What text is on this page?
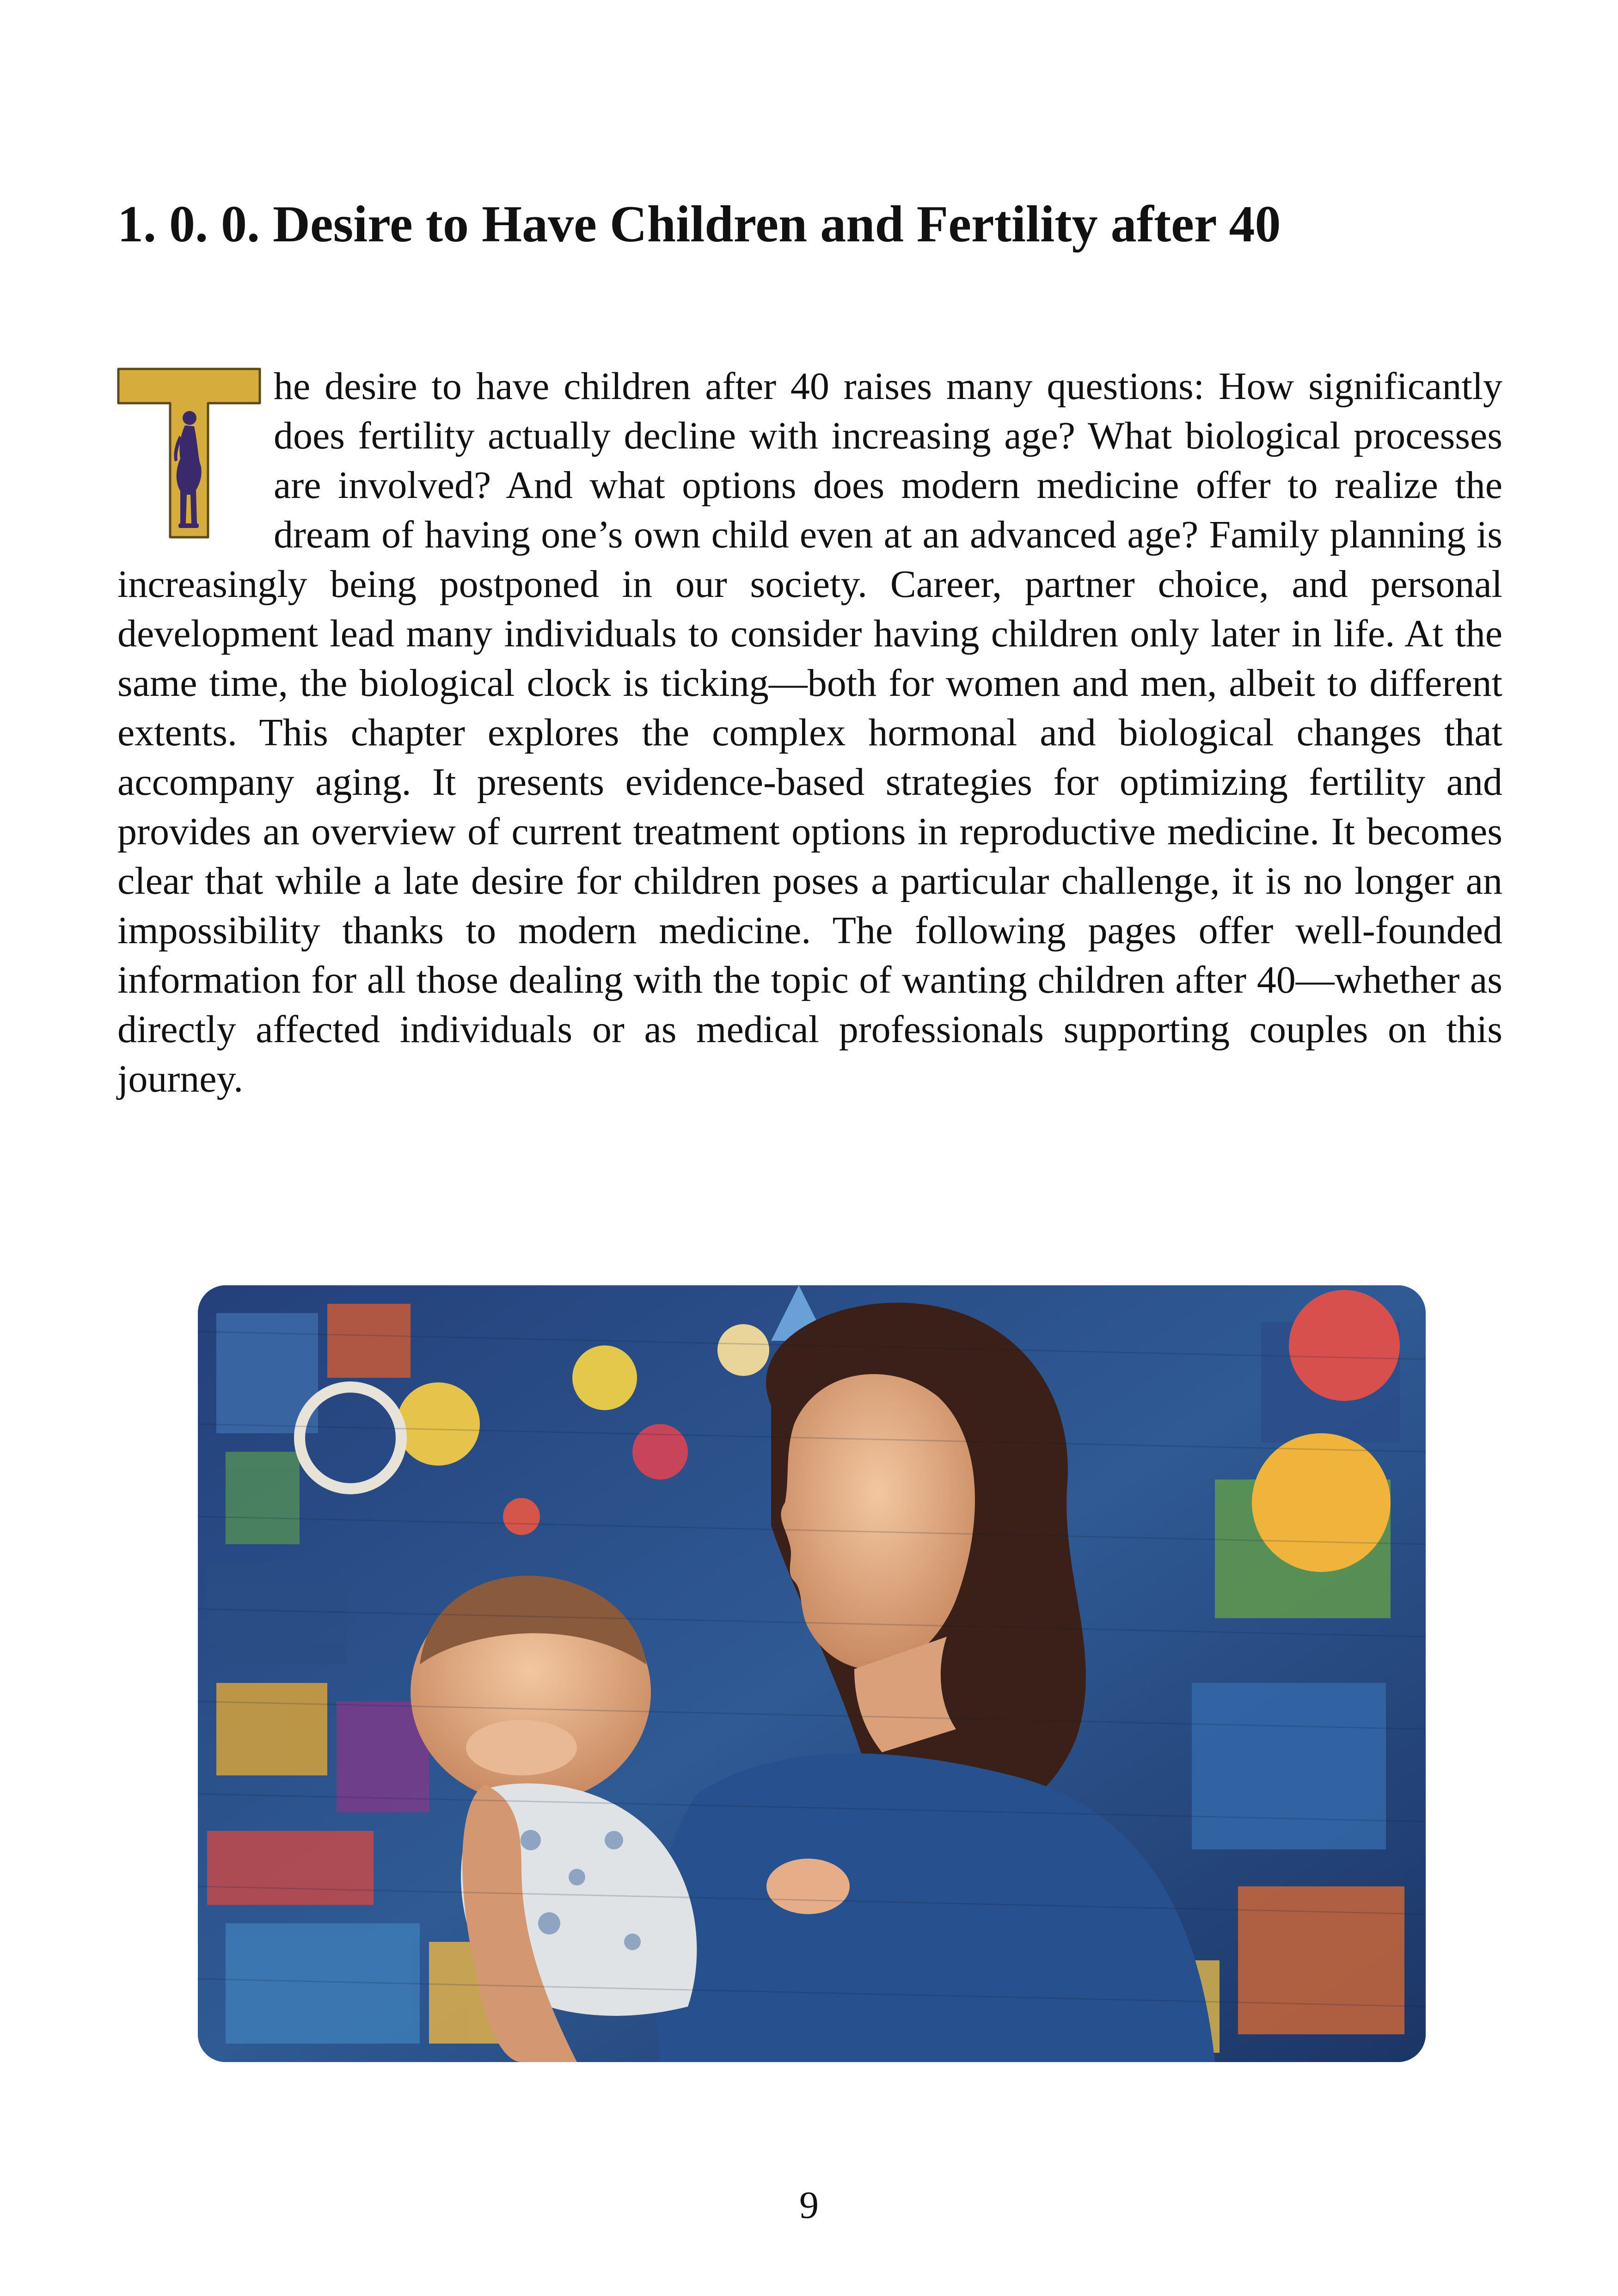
1. 0. 0. Desire to Have Children and Fertility after 40

he desire to have children after 40 raises many questions: How significantly does fertility actually decline with increasing age? What biological processes are involved? And what options does modern medicine offer to realize the dream of having one’s own child even at an advanced age? Family planning is increasingly being postponed in our society. Career, partner choice, and personal development lead many individuals to consider having children only later in life. At the same time, the biological clock is ticking—both for women and men, albeit to different extents. This chapter explores the complex hormonal and biological changes that accompany aging. It presents evidence-based strategies for optimizing fertility and provides an overview of current treatment options in reproductive medicine. It becomes clear that while a late desire for children poses a particular challenge, it is no longer an impossibility thanks to modern medicine. The following pages offer well-founded information for all those dealing with the topic of wanting children after 40—whether as directly affected individuals or as medical professionals supporting couples on this journey.

9
